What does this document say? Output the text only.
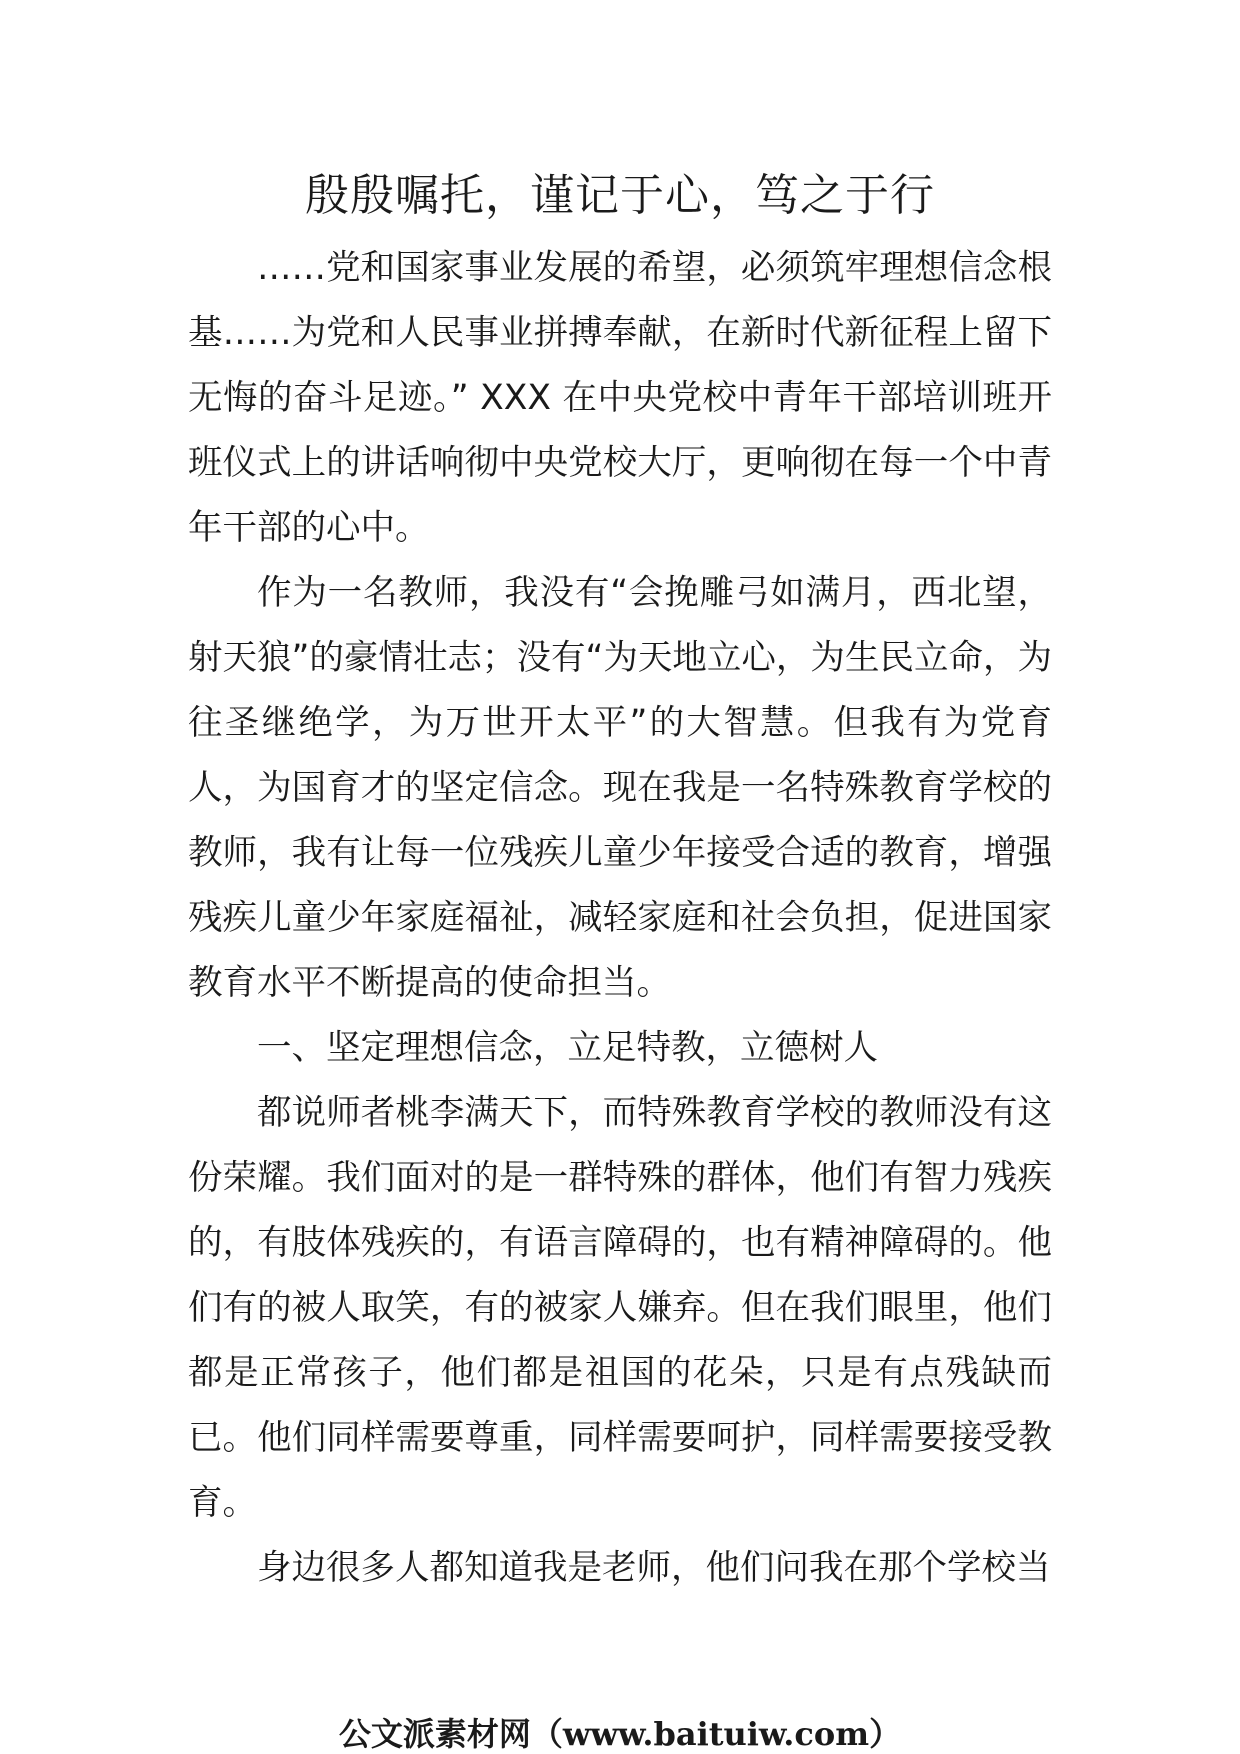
殷殷嘱托，谨记于心，笃之于行

……党和国家事业发展的希望，必须筑牢理想信念根基……为党和人民事业拼搏奉献，在新时代新征程上留下无悔的奋斗足迹。” XXX 在中央党校中青年干部培训班开班仪式上的讲话响彻中央党校大厅，更响彻在每一个中青年干部的心中。

作为一名教师，我没有“会挽雕弓如满月，西北望，射天狼”的豪情壮志；没有“为天地立心，为生民立命，为往圣继绝学，为万世开太平”的大智慧。但我有为党育人，为国育才的坚定信念。现在我是一名特殊教育学校的教师，我有让每一位残疾儿童少年接受合适的教育，增强残疾儿童少年家庭福祉，减轻家庭和社会负担，促进国家教育水平不断提高的使命担当。

一、坚定理想信念，立足特教，立德树人

都说师者桃李满天下，而特殊教育学校的教师没有这份荣耀。我们面对的是一群特殊的群体，他们有智力残疾的，有肢体残疾的，有语言障碍的，也有精神障碍的。他们有的被人取笑，有的被家人嫌弃。但在我们眼里，他们都是正常孩子，他们都是祖国的花朵，只是有点残缺而已。他们同样需要尊重，同样需要呵护，同样需要接受教育。

身边很多人都知道我是老师，他们问我在那个学校当

公文派素材网（www.baituiw.com）
